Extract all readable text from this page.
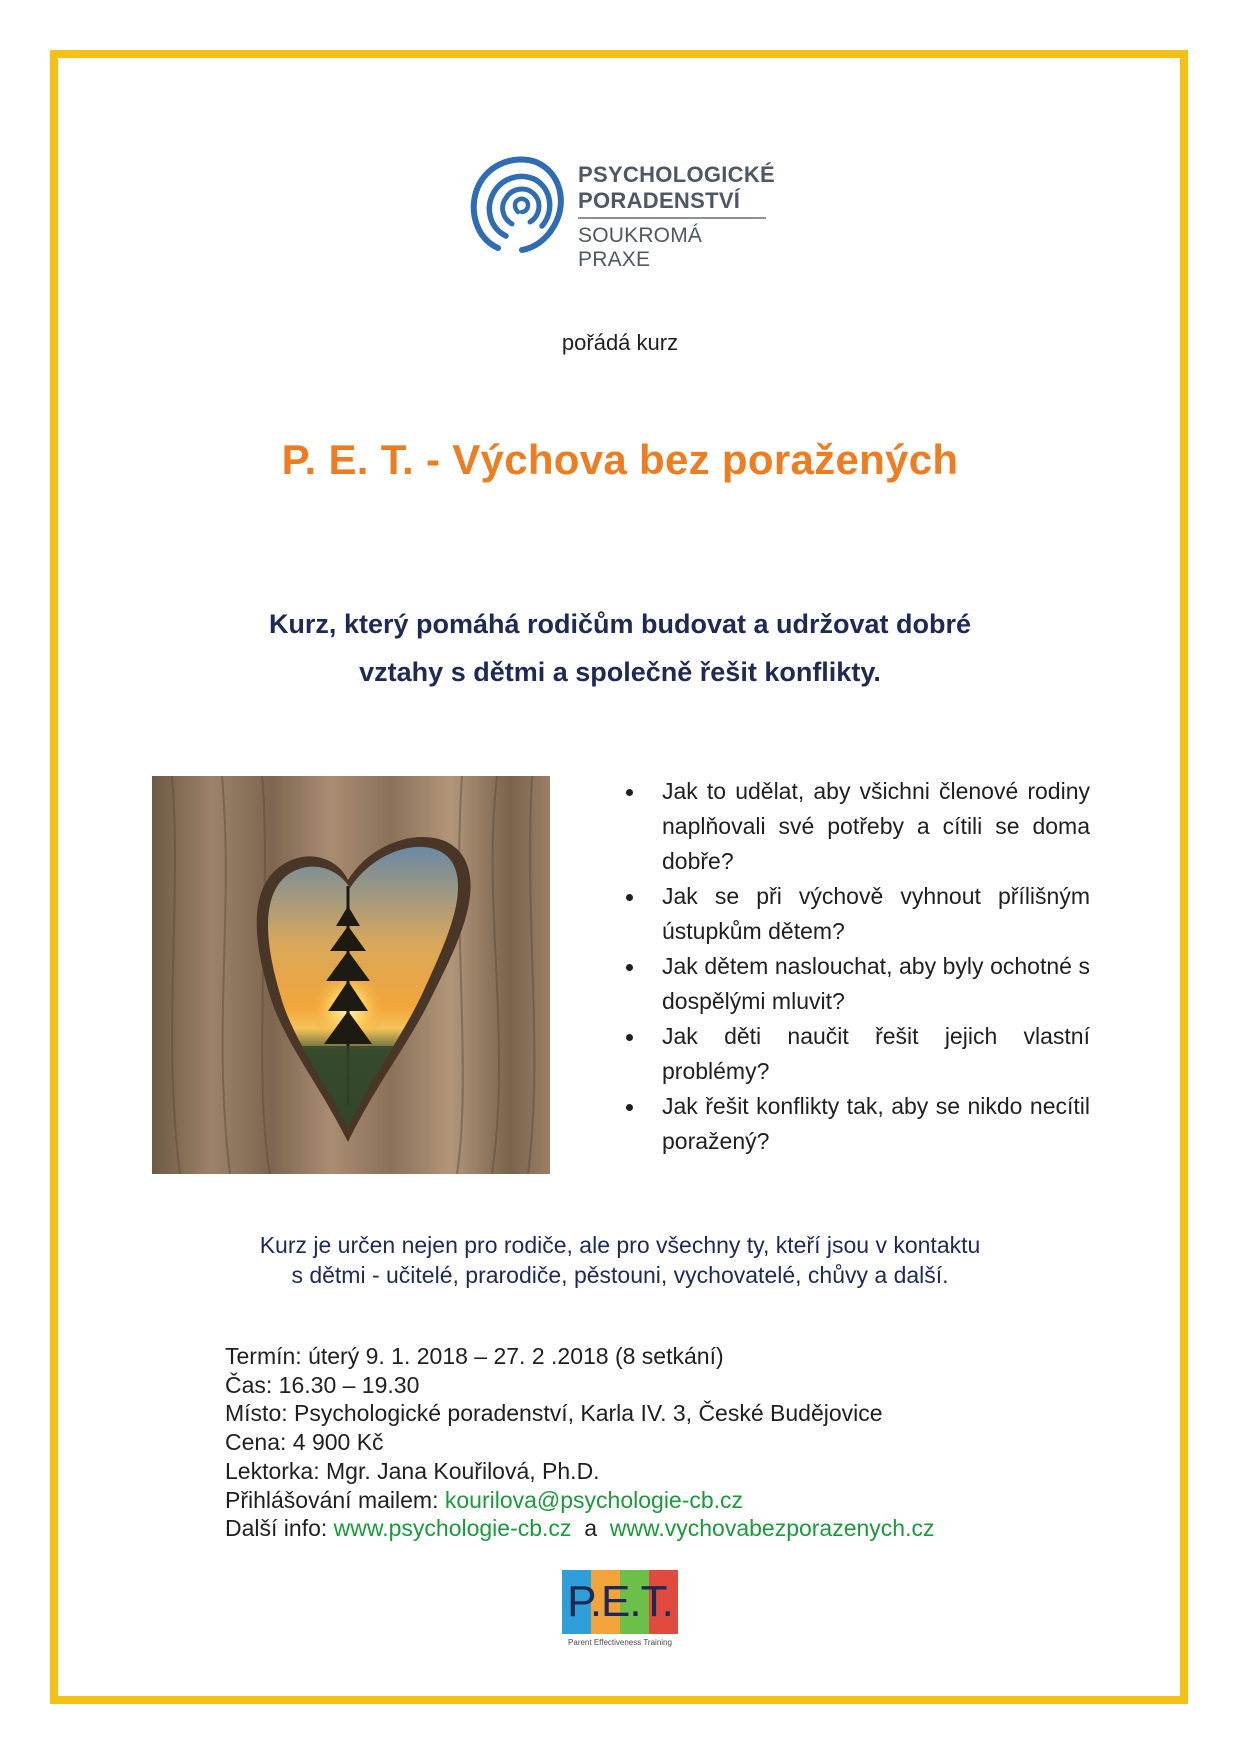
PSYCHOLOGICKÉ
PORADENSTVÍ
SOUKROMÁ PRAXE
pořádá kurz
P. E. T. - Výchova bez poražených
Kurz, který pomáhá rodičům budovat a udržovat dobré
vztahy s dětmi a společně řešit konflikty.
Jak to udělat, aby všichni členové rodiny naplňovali své potřeby a cítili se doma dobře?
Jak se při výchově vyhnout přílišným ústupkům dětem?
Jak dětem naslouchat, aby byly ochotné s dospělými mluvit?
Jak děti naučit řešit jejich vlastní problémy?
Jak řešit konflikty tak, aby se nikdo necítil poražený?
Kurz je určen nejen pro rodiče, ale pro všechny ty, kteří jsou v kontaktu
s dětmi - učitelé, prarodiče, pěstouni, vychovatelé, chůvy a další.
Termín: úterý 9. 1. 2018 – 27. 2 .2018 (8 setkání)
Čas: 16.30 – 19.30
Místo: Psychologické poradenství, Karla IV. 3, České Budějovice
Cena: 4 900 Kč
Lektorka: Mgr. Jana Kouřilová, Ph.D.
Přihlášování mailem: kourilova@psychologie-cb.cz
Další info: www.psychologie-cb.cz  a  www.vychovabezporazenych.cz
P.E.T.
Parent Effectiveness Training
